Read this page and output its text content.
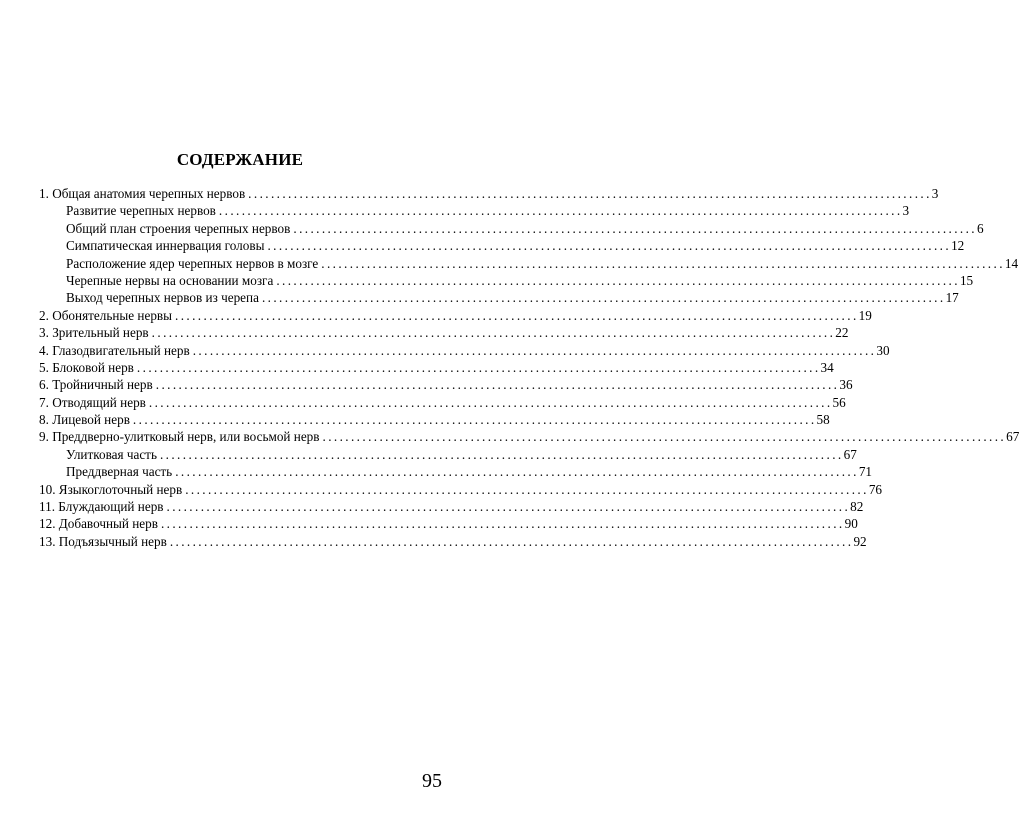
СОДЕРЖАНИЕ
1. Общая анатомия черепных нервов ........................................................................................................................ 3
Развитие черепных нервов ........................................................................................................................ 3
Общий план строения черепных нервов ........................................................................................................................ 6
Симпатическая иннервация головы ........................................................................................................................ 12
Расположение ядер черепных нервов в мозге ........................................................................................................................ 14
Черепные нервы на основании мозга ........................................................................................................................ 15
Выход черепных нервов из черепа ........................................................................................................................ 17
2. Обонятельные нервы ........................................................................................................................ 19
3. Зрительный нерв ........................................................................................................................ 22
4. Глазодвигательный нерв ........................................................................................................................ 30
5. Блоковой нерв ........................................................................................................................ 34
6. Тройничный нерв ........................................................................................................................ 36
7. Отводящий нерв ........................................................................................................................ 56
8. Лицевой нерв ........................................................................................................................ 58
9. Преддверно-улитковый нерв, или восьмой нерв ........................................................................................................................ 67
Улитковая часть ........................................................................................................................ 67
Преддверная часть ........................................................................................................................ 71
10. Языкоглоточный нерв ........................................................................................................................ 76
11. Блуждающий нерв ........................................................................................................................ 82
12. Добавочный нерв ........................................................................................................................ 90
13. Подъязычный нерв ........................................................................................................................ 92
95
